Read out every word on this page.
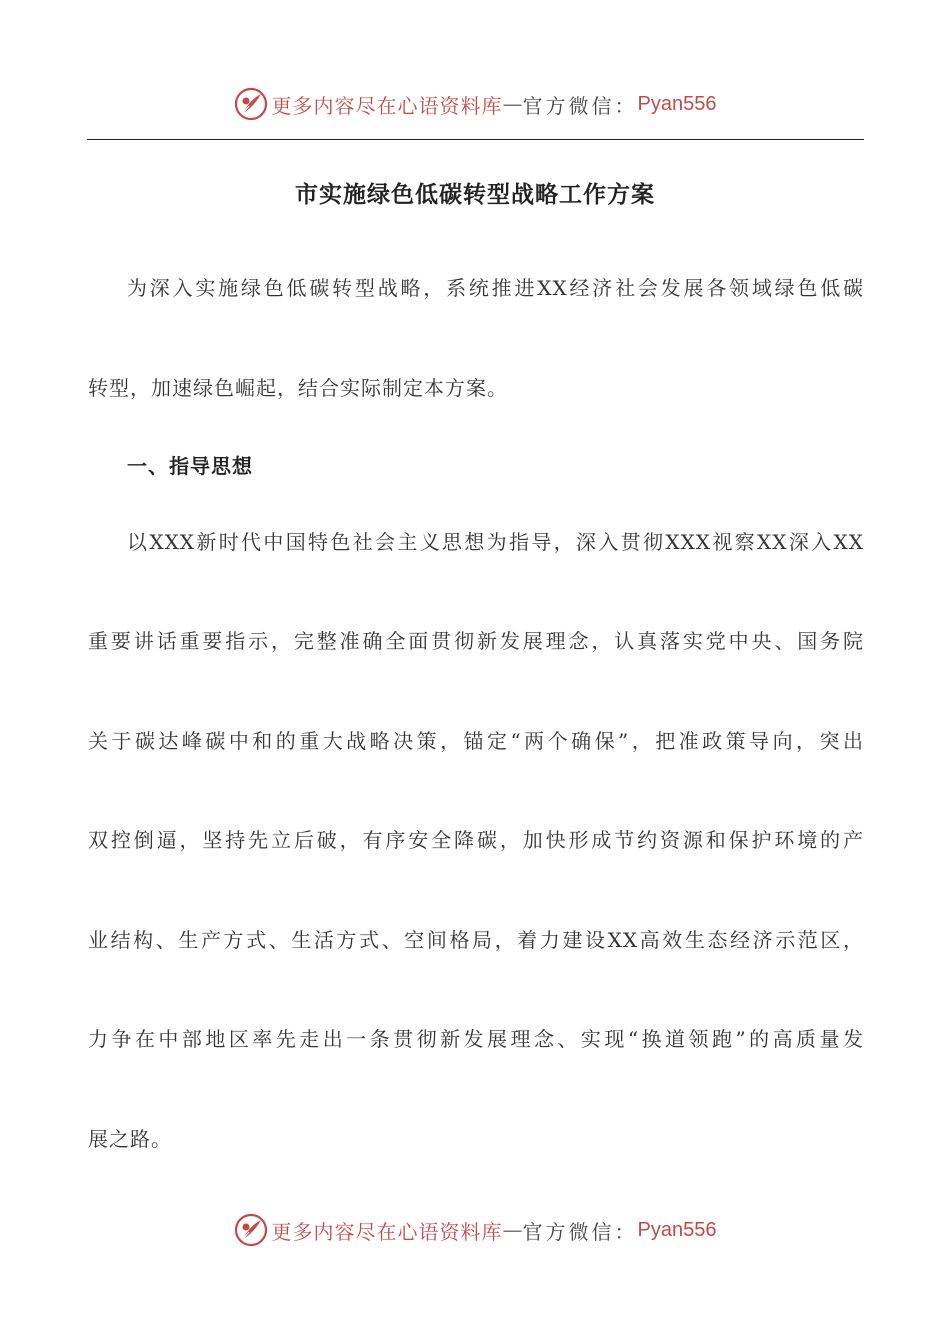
更多内容尽在心语资料库 — 官方微信： Pyan556
市实施绿色低碳转型战略工作方案
为深入实施绿色低碳转型战略，系统推进XX经济社会发展各领域绿色低碳
转型，加速绿色崛起，结合实际制定本方案。
一、指导思想
以XXX新时代中国特色社会主义思想为指导，深入贯彻XXX视察XX深入XX
重要讲话重要指示，完整准确全面贯彻新发展理念，认真落实党中央、国务院
关于碳达峰碳中和的重大战略决策，锚定“两个确保”，把准政策导向，突出
双控倒逼，坚持先立后破，有序安全降碳，加快形成节约资源和保护环境的产
业结构、生产方式、生活方式、空间格局，着力建设XX高效生态经济示范区，
力争在中部地区率先走出一条贯彻新发展理念、实现“换道领跑”的高质量发
展之路。
更多内容尽在心语资料库 — 官方微信： Pyan556
